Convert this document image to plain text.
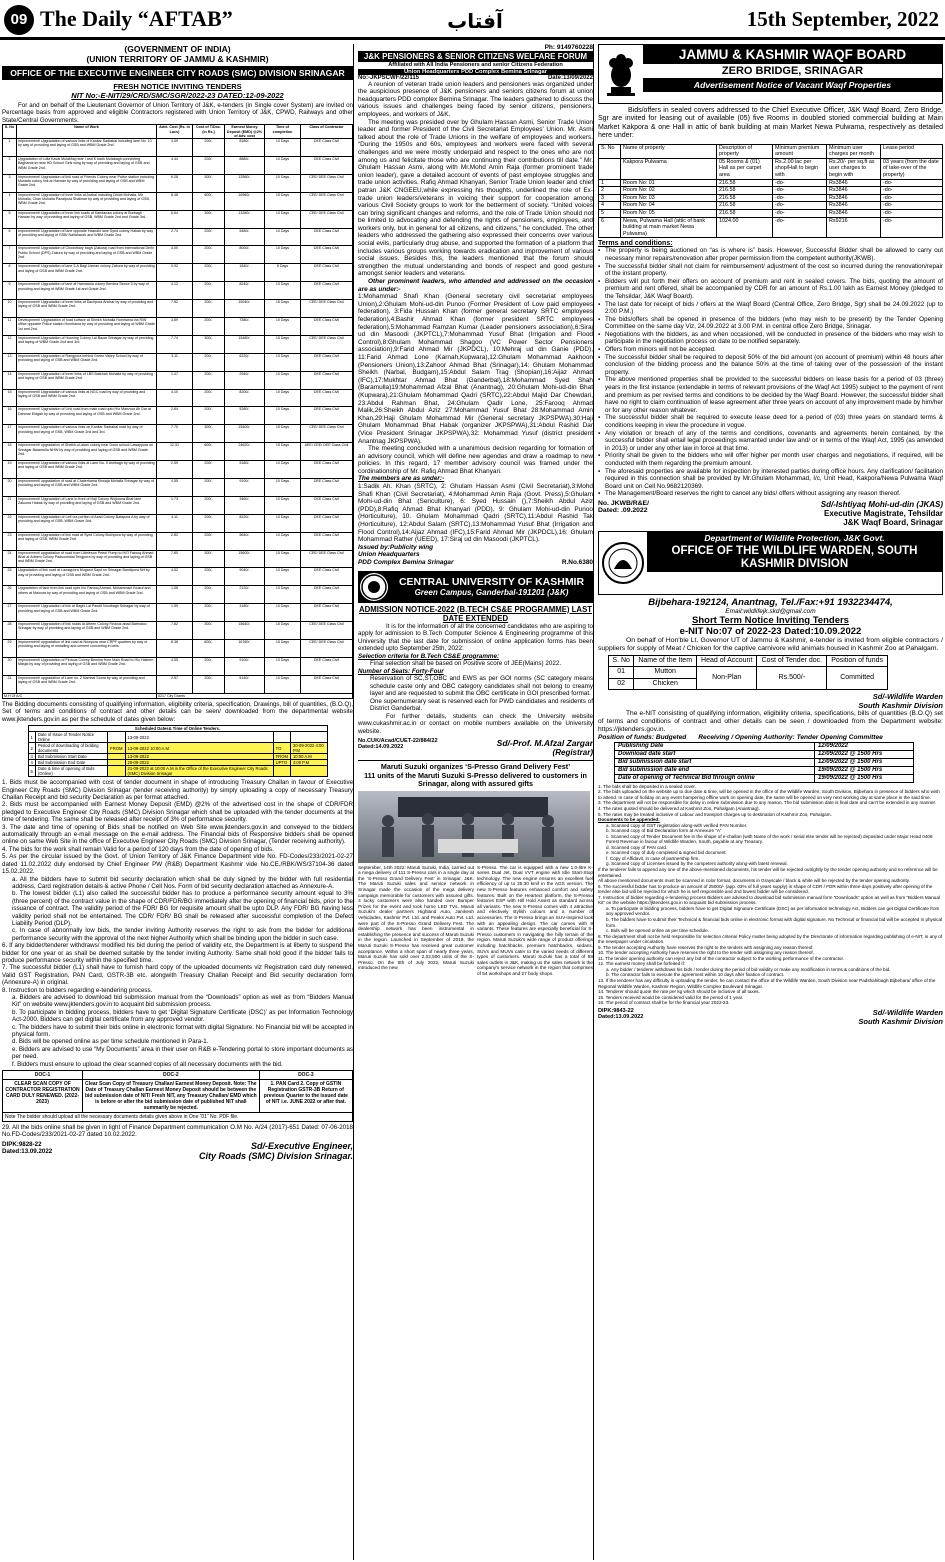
09 The Daily “AFTAB”	آفتاب	15th September, 2022
(GOVERNMENT OF INDIA)
(UNION TERRITORY OF JAMMU & KASHMIR)
OFFICE OF THE EXECUTIVE ENGINEER CITY ROADS (SMC) DIVISION SRINAGAR
FRESH NOTICE INVITING TENDERS
NIT No:-E-NIT/29/CRD/SMC/SGR/2022-23 DATED:12-09-2022
For and on behalf of the Lieutenant Governor of Union Territory of J&K, e-tenders (in Single cover System) are invited on Percentage basis from approved and eligible Contractors registered with Union Territory of J&K, CPWD, Railways and other State/Central Governments.
S. No	Name of Work	Advt. Cost (Rs. in Lacs)	Cost of T/Doc. (in Rs.)	Earnest Money Deposit (EMD) @2% of Adv. cost	Time of completion	Class of Contractor
1	Improvement/ Upgradation of various links of Kanitar Sadrabal including lane No. 10 by way of providing and laying of GSB and WBM Grade 2nd.	4.09	200/-	8180/-	10 Days	DEE Class Civil
2	Upgradation of Lolla Kaval Mulakhaj near I and K bank Mulabagh connecting Baghandrun near HD School Girls wing by way of providing and laying of GSB and WBM Grade 2nd.	4.44	200/-	8880/-	10 Days	DEE Class Civil
3	Improvement/ Upgradation of link road of Friends Colony near Police station including Mustafa colony link at Harwan by way of providing and laying of GSB and WBM Grade 2nd.	6.28	300/-	12560/-	10 Days	CEE/ DEE Class Civil
4	Improvement/ Upgradation of inner links at Arabal including Dhobi Mohalla, Mir Mohalla, Chan Mohalla Pazalpora Shalimar by way of providing and laying of GSB, WBM Grade 2nd.	8.48	600/-	16960/-	15 Days	CEE/ DEE Class Civil
5	Improvement/ Upgradation of inner link roads at Kahdanaw colony at Burbagh Harwan by way of providing and laying of GSB, WBM Grade 2nd and Grade 3rd.	6.64	300/-	13280/-	10 Days	CEE/ DEE Class Civil
6	Improvement/ Upgradation of lane opposite Hasnain lane Syed colony Habak by way of providing and laying of GSB/ Nallahwork and WBM Grade 2nd.	2.74	200/-	5480/-	10 Days	DEE Class Civil
7	Improvement/ Upgradation of Chowdhary bagh (Zakura) road from International Delhi Public School (DPS) Zakura by way of providing and laying of GSB and WBM Grade 2nd.	4.00	200/-	8000/-	10 Days	DEE Class Civil
8	Improvement/ Upgradation of lane 3-A Bagi Usman colony Zakura by way of providing and laying of GSB and WBM Grade 2nd.	0.92	200/-	1840/-	8 Days	DEE Class Civil
9	Improvement/ Upgradation of lane at Hamdania colony Bemina Sector 5 by way of providing and laying of WBM Grade 1st and Grade 2nd.	4.12	200/-	8240/-	10 Days	DEE Class Civil
10	Improvement/ Upgradation of inner links at Dachpora Anchar by way of providing and laying of GSB and WBM Grade 2nd.	7.52	200/-	15040/-	15 Days	CEE/ DEE Class Civil
11	Development/ Upgradation of road surface at Sheikh Mohalla Humhama via R/W office opposite Police station Humhama by way of providing and laying of WBM Grade 1st and 2nd.	3.69	200/-	7380/-	10 Days	DEE Class Civil
12	Improvement/ Upgradation of Housing Colony Lal Bazar Srinagar by way of providing and laying of WBM Grade 2nd and 3rd.	7.74	300/-	15480/-	15 Days	CEE/ DEE Class Civil
13	Improvement/ Upgradation of Rangpora behind Green Valley School by way of providing and laying of GSB and WBM Grade 2nd.	3.11	200/-	6220/-	10 Days	DEE Class Civil
14	Improvement/ Upgradation of inner links of LBS Batshah Mohalla by way of providing and laying of GSB and WBM Grade 2nd.	1.47	200/-	2940/-	10 Days	DEE Class Civil
15	Improvement/ Upgradation of various links at NGC road by way of providing and laying of GSB and WBM Grade 2nd.	4.10	200/-	8200/-	10 Days	DEE Class Civil
16	Improvement/ Upgradation of Link road from main road upto H/o Manzoor Ah Dar at Danmar Eidgah by way of providing and laying of GSB and WBM Grade 2nd.	2.64	200/-	5280/-	10 Days	DEE Class Civil
17	Improvement/ Upgradation of various links on Kanitar Sadrabal road by way of providing and laying of GSB, WBM Grade 2nd and 3rd.	7.70	300/-	15400/-	15 Days	CEE/ DEE Class Civil
18	Improvement/ upgradation of Sheikh-ul-alam colony near Doon school Lawaypora on Srinagar Baramulla NHW by way of providing and laying of GSB and WBM Grade 2nd.	12.31	600/-	24620/-	15 Days	AEE/ CEE/ DEE Class Civil
19	Improvement/ Upgradation of various links at Lane No. 5 Ashbagh by way of providing and laying of GSB and WBM Grade 2nd.	2.59	200/-	5180/-	10 Days	DEE Class Civil
20	Improvement/ upgradation of road at Chaterhama Khwaja Mohalla Srinagar by way of providing and laying of GSB and WBM Grade 2nd.	4.55	200/-	9100/-	10 Days	DEE Class Civil
21	Improvement/ Upgradation of Lane in front of Haji Colony Wujkoora Bhat lane Zakoora Habak by way of providing and laying of GSB and WBM Grade 2nd.	1.73	200/-	3460/-	10 Days	DEE Class Civil
22	Improvement/ Upgradation of Left out portion of Azad Colony Batapora A by way of providing and laying of GSB, WBM Grade 2nd.	4.11	200/-	8220/-	10 Days	DEE Class Civil
23	Improvement/ Upgradation of link road at Syed Colony Buchpora by way of providing and laying of GSB, WBM Grade 2nd.	2.82	200/-	5640/-	10 Days	DEE Class Civil
24	Improvement/ upgradation of road from Litteleson Petrol Pump to H/O Farooq Ahmad Bhat at Aribem Colony Padsoohalal Tengpora by way of providing and laying of GSB and WBM Grade 2nd.	7.80	300/-	15600/-	15 Days	CEE/ DEE Class Civil
25	Upgradation of link road at Lawaypora Mugand Sayd on Srinagar Bandipora NH by way of providing and laying of GSB and WBM Grade 2nd.	4.52	200/-	9040/-	10 Days	DEE Class Civil
26	Upgradation of lane from link road upto h/o Farooq Ahmad, Mohammad Yousuf and others at Maloora by way of providing and laying of GSB and WBM Grade 2nd.	1.06	200/-	2120/-	10 Days	DEE Class Civil
27	Improvement/ Upgradation of link at Baghi Lal Pandit Noorbagh Srinagar by way of providing and laying of GSB and WBM Grade 2nd.	1.59	200/-	3180/-	10 Days	DEE Class Civil
28	Improvement/ Upgradation of link roads at Afreen Colony Firdous abad Batmaloo Srinagar by way of providing and laying of GSB and WBM Grade 2nd.	7.82	300/-	15640/-	15 Days	CEE/ DEE Class Civil
29	Improvement/ upgradation of link road at Nowpora near CRPF quarters by way of providing and laying of metalling and cement concreting in cells.	8.38	600/-	16760/-	15 Days	CEE/ DEE Class Civil
30	Improvement/ Upgradation of Firdous Colony Bemina from Main Road to H/o Haleem Masjid by way of providing and laying of GSB and WBM Grade 2nd.	4.55	200/-	9100/-	10 Days	DEE Class Civil
31	Improvement/ upgradation of Lane no. 2 Nambal Soura by way of providing and laying of GSB and WBM Grade 2nd.	2.57	200/-	5140/-	10 Days	DEE Class Civil
M.H Of A/C		5217 City Grants				
The Bidding documents consisting of qualifying information, eligibility criteria, specification, Drawings, bill of quantities, (B.O.Q), Set of terms and conditions of contract and other details can be seen/ downloaded from the departmental website www.jktenders.gov.in as per the schedule of dates given below:
Scheduled Dates& Time of Online Tenders.					
1	Date of Issue of Tender Notice Online		13-09-2022		
2	Period of downloading of bidding documents	FROM	13-09-2022 10:00 A.M	TO	20-09-2022 4:00 P.M
3	Bid Submission Start Date		13-09-2022	FROM	10:00 A.M
4	Bid Submission End Date		20-09-2022	UPTO	4:00 P.M
5	Date & time of opening of Bids (Online)		21-09-2022 at 10:00 A.M in the Office of the Executive Engineer City Roads (SMC) Division Srinagar		
1. Bids must be accompanied with cost of tender document in shape of introducing Treasury Challan in favour of Executive Engineer City Roads (SMC) Division Srinagar (tender receiving authority) by simply uploading a copy of necessary Treasury Challan Receipt and bid security Declaration as per format attached.
2. Bids must be accompanied with Earnest Money Deposit (EMD) @2% of the advertised cost in the shape of CDR/FDR pledged to Executive Engineer City Roads (SMC) Division Srinagar which shall be uploaded with the tender documents at the time of tendering. The same shall be released after receipt of 3% of performance security.
3. The date and time of opening of Bids shall be notified on Web Site www.jktenders.gov.in and conveyed to the bidders automatically through an e-mail message on the e-mail address. The Financial bids of Responsive bidders shall be opened online on same Web Site in the office of Executive Engineer City Roads (SMC) Division Srinagar, (Tender receiving authority).
4. The bids for the work shall remain Valid for a period of 120 days from the date of opening of bids.
5. As per the circular issued by the Govt. of Union Territory of J&K Finance Department vide No. FD-Codes/233/2021-02-27 dated 11.02.2022 duly endorsed by Chief Engineer PW (R&B) Department Kashmir vide No.CE./RBK/WS/37104-36 dated 15.02.2022.
a. All the bidders have to submit bid security declaration which shall be duly signed by the bidder with full residential address, Card registration details & active Phone / Cell Nos. Form of bid security declaration attached as Annexure-A.
b. The lowest bidder (L1) also called the successful bidder has to produce a performance security amount equal to 3% (three percent) of the contract value in the shape of CDR/FDR/BG immediately after the opening of financial bids, prior to the issuance of contract. The validity period of the FDR/ BG for requisite amount shall be upto DLP. Any FDR/ BG having less validity period shall not be entertained. The CDR/ FDR/ BG shall be released after successful completion of the Defect Liability Period (DLP).
c. In case of abnormally low bids, the tender inviting Authority reserves the right to ask from the bidder for additional performance security with the approval of the next higher Authority which shall be binding upon the bidder in such case.
6. If any bidder/tenderer withdraws/ modified his bid during the period of validity etc, the Department is at liberty to suspend the bidder for one year or as shall be deemed suitable by the tender inviting Authority. Same shall hold good if the bidder fails to produce performance security within the specified time.
7. The successful bidder (L1) shall have to furnish hard copy of the uploaded documents viz Registration card duly renewed, Valid GST Registration, PAN Card, GSTR-3B etc. alongwith Treasury Challan Receipt and Bid security declaration form (Annexure-A) in original.
8. Instruction to bidders regarding e-tendering process.
a. Bidders are advised to download bid submission manual from the “Downloads” option as well as from “Bidders Manual Kit” on website www.jktenders.gov.in to acquaint bid submission process.
b. To participate in bidding process, bidders have to get ‘Digital Signature Certificate (DSC)’ as per Information Technology Act-2000. Bidders can get digital certificate from any approved vendor.
c. The bidders have to submit their bids online in electronic format with digital Signature. No Financial bid will be accepted in physical form.
d. Bids will be opened online as per time schedule mentioned in Para-1.
e. Bidders are advised to use “My Documents” area in their user on R&B e-Tendering portal to store important documents as per need.
f. Bidders must ensure to upload the clear scanned copies of all necessary documents with the bid.
DOC-1	DOC-2	DOC-3
CLEAR SCAN COPY OF CONTRACTOR REGISTRATION CARD DULY RENEWED. (2022-2023)	Clear Scan Copy of Treasury Challan/ Earnest Money Deposit. Note: The Date of Treasury Challan Earnest Money Deposit should be between the bid submission date of NIT/ Fresh NIT, any Treasury Challan/ EMD which is before or after the bid submission date of published NIT shall summarily be rejected.	1. PAN Card 2. Copy of GSTIN Registration GSTR-3B Return of previous Quarter to the issued date of NIT i.e. JUNE 2022 or after that.
Note The bidder should upload all the necessary documents details given above in One “01” No. PDF file.		
29. All the bids online shall be given in light of Finance Department communication O.M No. A/24 (2017)-651 Dated: 07-06-2018 No.FD-Codes/233/2021-02-27 dated 10.02.2022.
DIPK:9828-22
Dated:13.09.2022
Sd/-Executive Engineer,
City Roads (SMC) Division Srinagar.
Ph: 9149760228
J&K PENSIONERS & SENIOR CITIZENS WELFARE FORUM
Affiliated with All India Pensioners and senior Citizens Federation
Union Headquarters PDD Complex Bemina Srinagar
No:-JKPSCWF/22/115	Date:13/09/2022

A reunion of veteran trade union leaders and pensioners was organized under the auspicious presence of J&K pensioners and seniors citizens forum at union headquarters PDD complex Bemina Srinagar. The leaders gathered to discuss the various issues and challenges being faced by senior citizens, pensioners, employees, and workers of J&K.

The meeting was presided over by Ghulam Hassan Asmi, Senior Trade Union leader and former President of the Civil Secretariat Employees' Union. Mr. Asmi talked about the role of Trade Unions in the welfare of employees and workers. “During the 1950s and 60s, employees and workers were faced with several challenges and we were mostly underpaid and respect to the ones who are not among us and felicitate those who are continuing their contributions till date.” Mr. Ghulam Hassan Asmi, along with Mr.Mohd Amin Raja (former prominent trade union leader), gave a detailed account of events of past employee struggles and trade union activities. Rafiq Ahmad Khanyari, Senior Trade Union leader and chief patran J&K CNGEEU,while expressing his thoughts, underlined the role of Ex-trade union leaders/veterans in voicing their support for cooperation among various Civil Society groups to work for the betterment of society. “United voices can bring significant changes and reforms, and the role of Trade Union should not be limited to advocating and defending the rights of pensioners, employees, and workers only, but in general for all citizens, and citizens,” he concluded. The other leaders who addressed the gathering also expressed their concerns over various social evils, particularly drug abuse, and supported the formation of a platform that includes various groups working towards eradication and improvement of various social issues. Besides this, the leaders mentioned that the forum should strengthen the mutual understanding and bonds of respect and good gesture amongst senior leaders and veterans.

Other prominent leaders, who attended and addressed on the occasion are as under:-

1:Mohammad Shafi Khan (General secretary civil secretariat employees Union),2:Ghulam Mohi-ud-din Punoo (Former President of Low paid employees federation), 3:Fida Hussain Khan (former general secretary SRTC employees federation),4:Bashir Ahmad Khan (former president SRTC employees federation),5:Mohammad Ramzan Kumar (Leader pensioners association),6:Siraj ud din Masoodi (JKPTCL),7:Mohammad Yusuf Bhat (Irrigation and Flood Control),8:Ghulam Mohammad Shagoo (VC Power Sector Pensioners association),9:Farid Ahmad Mir (JKPDCL), 10:Mehraj ud din Ganie (PDD), 11:Farid Ahmad Lone (Karnah,Kupwara),12:Ghulam Mohammad Aakhoon (Pensioners Union),13:Zahoor Ahmad Bhat (Srinagar),14: Ghulam Mohammad Sheikh (Narbal, Budgam),15:Abdul Salam Trag (Shopian),16:Aijaz Ahmad (IFC),17:Mukhtar Ahmad Bhat (Ganderbal),18:Mohammad Syed Shah (Baramulla)19:Mohammad Afzal Bhat (Anantnag), 20:Ghulam Mohi-ud-din Bhat (Kupwara),21:Ghulam Mohammad Qadri (SRTC),22:Abdul Majid Dar Chewdari, 23:Abdul Rahman Bhat, 24:Ghulam Qadir Lone, 25:Farooq Ahmad Malik,26:Sheikh Abdul Aziz 27:Mohammad Yusuf Bhat 28:Mohammad Amin Khan,29:Haji Ghulam Mohammad Mir (General secretary JKPSPWA),30:Haji Ghulam Mohammad Bhat Habak (organizer JKPSPWA),31:Abdul Rashid Dar (Vice President Srinagar JKPSPWA),32: Mohammad Yusuf (district president Anantnag JKPSPWA).

The meeting concluded with a unanimous decision regarding for formation of an advisory council, which will define new agendas and draw a roadmap to new policies. In this regard, 17 member advisory council was framed under the cordinationship of Mr. Rafiq Ahmad Bhat Khanyari.

The members are as under:-

1:Sadik Ah. Khan (SRTC), 2: Ghulam Hassan Asmi (Civil Secretariat),3:Mohd Shafi Khan (Civil Secretariat), 4:Mohammad Amin Raja (Govt. Press),5:Ghulam Mohi-ud-din Bhat (Sericulture), 6: Syed Hussain (),7:Sheikh Abdul Aziz (PDD),8:Rafiq Ahmad Bhat Khanyari (PDD), 9: Ghulam Mohi-ud-din Punoo (Horticulture), 10. Ghulam Mohammad Qadri (SRTC),11:Abdul Rashid Tak (Horticulture), 12:Abdul Salam (SRTC),13:Mohammad Yusuf Bhat (Irrigation and Flood Control),14:Aijaz Ahmad (IFC),15:Farid Ahmad Mir (JKPDCL),16: Ghulam Mohammad Rather (UEED), 17:Siraj ud din Masoodi (JKPTCL).

Issued by:Publicity wing

Union Headquarters

PDD Complex Bemina Srinagar	R.No.6380
CENTRAL UNIVERSITY OF KASHMIR
Green Campus, Ganderbal-191201 (J&K)
ADMISSION NOTICE-2022 (B.TECH CS&E PROGRAMME) LAST DATE EXTENDED

It is for the information of all the concerned candidates who are aspiring to apply for admission to B.Tech Computer Science & Engineering programme of this University that the last date for submission of online application forms has been extended upto September 25th, 2022:

Selection criteria for B.Tech CS&E programme:

Final selection shall be based on Positive score of JEE(Mains) 2022.

Number of Seats: Forty-Four

Reservation of SC,ST,OBC and EWS as per GOI norms (SC category means schedule caste only and OBC category candidates shall not belong to creamy layer and are requested to submit the OBC certificate in GOI prescribed format.

One supernumerary seat is reserved each for PWD candidates and residents of District Ganderbal.

For further details, students can check the University website www.cukashmir.ac.in or contact on mobile numbers available on the University website.

No.CUK/Acad/CUET-22/884/22
Dated:14.09.2022	Sd/-Prof. M.Afzal Zargar
(Registrar)
Maruti Suzuki organizes ‘S-Presso Grand Delivery Fest’
111 units of the Maruti Suzuki S-Presso delivered to customers in Srinagar, along with assured gifts
September, 14th 2022: Maruti Suzuki, India, carried out a mega delivery of 111 S-Presso cars in a single day at the ‘S-Presso Grand Delivery Fest’ in Srinagar, J&K. The Maruti Suzuki sales and service network in Srinagar made the occasion of the mega delivery campaign memorable for customers with assured gifts. 3 lucky customers were also handed over Bumper Prizes for the event and took home LED TVs. Maruti Suzuki's dealer partners Highland Auto, Jamkesh Vehiclades, Kashmir Pvt. Ltd. and Peaks Auto Pvt. Ltd. were part of the S-Presso Grand Delivery Fest. The dealership network has been instrumental in establishing the presence and success of Maruti Suzuki in the region. Launched in September of 2019, the Maruti Suzuki S-Presso has received great customer acceptance. Within a short span of nearly three years, Maruti Suzuki has sold over 2,02,500 units of the S-Presso. On the 8th of July 2022, Maruti Suzuki introduced the new
S-Presso. The car is equipped with a new 1.0-litre K-series Dual Jet, Dual VVT engine with Idle Start-Stop technology. The new engine ensures an excellent fuel efficiency of up to 25.30 km/l in the AGS version. The new S-Presso features enhanced comfort and safety features. Built on the Heartect platform, the S-Presso features ESP with Hill Hold Assist as standard across all variants. The new S-Presso comes with 4 attractive and electively stylish colours and a number of accessories. The S-Presso brings an SUV-inspired look with an appealing design. The car comes with 9 variants. These features are especially beneficial for S-Presso customers in navigating the hilly terrain of the region. Maruti Suzuki's wide range of product offerings including hatchbacks, premium hatchbacks, sedans, SUVs and MUVs cater to the varied needs of different types of customers. Maruti Suzuki has a total of 58 sales outlets in J&K, making us the sales network is the company's service network in the region that comprises of 54 workshops and 27 body shops.
JAMMU & KASHMIR WAQF BOARD
ZERO BRIDGE, SRINAGAR
Advertisement Notice of Vacant Waqf Properties
Bids/offers in sealed covers addressed to the Chief Executive Officer, J&K Waqf Board, Zero Bridge, Sgr are invited for leasing out of available (05) five Rooms in doubled storied commercial building at Main Market Kakpora & one Hall in attic of bank building at main Market Newa Pulwama, respectively as detailed here under:
S. No	Name of property	Description of property	Minimum premium amount	Minimum user charges per month	Lease period
	Kakpora Pulwama	05 Rooms & (01) Hall as per carpet area	Rs.2.00 lac per shop/Hall to begin with	Rs.20/- per sq.ft as user charges to begin with	03 years (from the date of take-over of the property)
1	Room No: 01	216.58	-do-	Rs3846	-do-
2	Room No: 02	216.58	-do-	Rs3846	-do-
3	Room No: 03	216.58	-do-	Rs3846	-do-
4	Room No: 04	216.58	-do-	Rs3846	-do-
5	Room No: 05	216.58	-do-	Rs3846	-do-
6	Newa, Pulwama Hall (attic of bank building at main market Newa Pulwama)	1024.00	-do-	Rs9216	-do-
Terms and conditions:
▪ The property is being auctioned on “as is where is” basis. However, Successful Bidder shall be allowed to carry out necessary minor repairs/renovation after proper permission from the competent authority(JKWB).
▪ The successful bidder shall not claim for reimbursement/ adjustment of the cost so incurred during the renovation/repair of the instant property.
▪ Bidders will put forth their offers on account of premium and rent in sealed covers. The bids, quoting the amount of premium and rent offered, shall be accompanied by CDR for an amount of Rs.1.00 lakh as Earnest Money (pledged to the Tehsildar, J&K Waqf Board).
▪ The last date for receipt of bids / offers at the Waqf Board (Central Office, Zero Bridge, Sgr) shall be 24.09.2022 (up to 2:00 P.M.)
▪ The bids/offers shall be opened in presence of the bidders (who may wish to be present) by the Tender Opening Committee on the same day Viz, 24.09.2022 at 3.00 P.M. in central office Zero Bridge, Srinagar.
▪ Negotiations with the bidders, as and when occasioned, will be conducted in presence of the bidders who may wish to participate in the negotiation process on date to be notified separately.
▪ Offers from minors will not be accepted.
▪ The successful bidder shall be required to deposit 50% of the bid amount (on account of premium) within 48 hours after conclusion of the bidding process and the balance 50% at the time of taking over of the possession of the instant property.
▪ The above mentioned properties shall be provided to the successful bidders on lease basis for a period of 03 (three) years in the first instance (extendable in terms of relevant provisions of the Waqf Act 1995) subject to the payment of rent and premium as per revised terms and conditions to be decided by the Waqf Board. However, the successful bidder shall have no right to claim continuation of lease agreement after three years on account of any improvement made by him/her or for any other reason whatever.
▪ The successful bidder shall be required to execute lease deed for a period of (03) three years on standard terms & conditions keeping in view the procedure in vogue.
▪ Any violation or breach of any of the terms and conditions, covenants and agreements herein contained, by the successful bidder shall entail legal proceedings warranted under law and/ or in terms of the Waqf Act, 1995 (as amended in 2013) or under any other law in force at that time.
▪ Priority shall be given to the bidders who will offer higher per month user charges and negotiations, if required, will be conducted with them regarding the premium amount.
▪ The aforesaid properties are available for inspection by interested parties during office hours. Any clarification/ facilitation required in this connection shall be provided by Mr.Ghulam Mohammad, I/c, Unit Head, Kakpora/Newa Pulwama Waqf Board unit on Cell No.9682120369.
▪ The Management/Board reserves the right to cancel any bids/ offers without assigning any reason thereof.
No. JKWB/R&E/
Dated: .09.2022
Sd/-Ishtiyaq Mohi-ud-din (JKAS)
Executive Magistrate, Tehsildar
J&K Waqf Board, Srinagar
Department of Wildlife Protection, J&K Govt.
OFFICE OF THE WILDLIFE WARDEN, SOUTH KASHMIR DIVISION
Bijbehara-192124, Anantnag, Tel./Fax:+91 1932234474,
Email:wildlifejk.skd@gmail.com
Short Term Notice Inviting Tenders
e-NIT No:07 of 2022-23 Dated:10.09.2022
On behalf of Hon'ble Lt. Governor UT of Jammu & Kashmir, e-tender is invited from eligible contractors / suppliers for supply of Meat / Chicken for the captive carnivore wild animals housed in Kashmir Zoo at Pahalgam.
S. No	Name of the Item	Head of Account	Cost of Tender doc.	Position of funds
01	Mutton	Non-Plan	Rs.500/-	Committed
02	Chicken			
Sd/-Wildlife Warden
South Kashmir Division
The e-NIT consisting of qualifying information, eligibility criteria, specifications, bills of quantities (B.O.Q) set of terms and conditions of contract and other details can be seen / downloaded from the Department website: https://jktenders.gov.in.
Position of funds: Budgeted Receiving / Opening Authority: Tender Opening Committee
Publishing Date	12/09/2022
Download date start	12/09/2022 @ 1500 Hrs
Bid submission date start	12/09/2022 @ 1500 Hrs
Bid submission date end	19/09/2022 @ 1500 Hrs
Date of opening of Technical Bid through online	19/09/2022 @ 1500 Hrs
1. The bids shall be deposited in a sealed cover.
2. The bids uploaded on the website up to due date & time, will be opened in the office of the Wildlife Warden, South Division, Bijbehara in presence of bidders who wish to attend. In case of holiday on any event hampering offline work on opening date, the same will be opened on very next working day at same place in the said time.
3. The department will not be responsible for delay in online submission due to any reason. The bid submission date is final date and can't be extended in any manner.
4. The rates quoted should be delivered at Kashmir Zoo, Pahalgam (Anantnag).
5. The rates may be treated inclusive of Labour and transport charges up to destination of Kashmir Zoo, Pahalgam.
Documents to be appended:
a. Scanned copy of GST registration along-with verified PAN Number.
b. Scanned copy of Bid Declaration form at Annexure “A”
c. Scanned copy of Tender Document fee in the shape of e-challan (with Name of the work / serial else tender will be rejected) deposited under Major Head 0406 Forest Revenue in favour of Wildlife Warden, South, payable at any Treasury.
d. Scanned copy of PAN card.
e. Scanned copy of duly completed & signed bid document.
f. Copy of Affidavit, in case of partnership firm.
g. Scanned copy of Licenses issued by the competent authority along-with latest renewal.
If the tenderer fails to append any one of the above-mentioned documents, his tender will be rejected outrightly by the tender opening authority and no reference will be entertained.
All above mentioned documents must be scanned in color format, documents in Grayscale / black & white will be rejected by the tender opening authority.
6. The successful bidder has to produce an amount of 25000/- (app. 03% of full years supply) in shape of CDR / FDR within three days positively after opening of the tender else bid will be rejected for which he is self responsible and 2nd lowest bidder will be considered.
7. Instruction of bidder regarding e-tendering process Bidders are advised to download bid submission manual form “Downloads” option as well as from “Bidders Manual Kit” on the website https://jktenders.gov.in to acquaint bid submission process.
a. To participate in bidding process, bidders have to get Digital Signature Certificate (DSC) as per information technology Act, Bidders can get Digital Certificate from any approved vendor.
b. The bidders have to submit their Technical & financial bids online in electronic format with digital signature. No Technical or financial bid will be accepted in physical form.
c. Bids will be opened online as per time schedule.
8. The department shall not be held responsible for selection criteria/ Policy matter being adopted by the Directorate of information regarding publishing of e-NIT, in any of the newspaper under circulation.
9. The tender accepting Authority have reserves the right to the tenders with assigning any reason thereof.
10. The tender accepting Authority have reserves the right to the tender with assigning any reason thereof.
11. The tender opening authority can reject any bid of the contractor subject to the working performance of the contractor.
12. The earnest money shall be forfeited if:
a. Any bidder / tenderer withdraws his bids / tender during the period of bid validity or make any modification in terms & conditions of the bid.
b. The contractor fails to execute the agreement within 10 days after fixation of contract.
13. If the tenderer has any difficulty in uploading the tender, he can contact the office of the Wildlife Warden, South Division near Padshahibagh Bijbehara/ office of the Regional Wildlife Warden, Kashmir Region, Wildlife Complex Boulevard Srinagar.
14. Tenderer should quote the rate per kg which should be inclusive of all taxes.
15. Tenders received would be considered valid for the period of 1 year.
16. The period of contract shall be for the financial year 2022-23.
DIPK:9843-22
Dated:13.09.2022	Sd/-Wildlife Warden
South Kashmir Division
